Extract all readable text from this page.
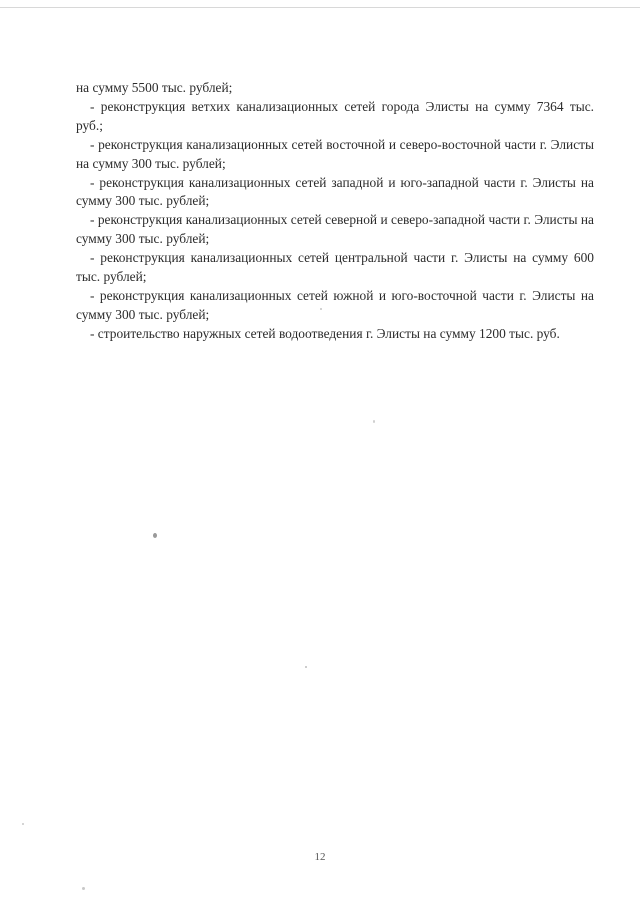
на сумму 5500 тыс. рублей;

- реконструкция ветхих канализационных сетей города Элисты на сумму 7364 тыс. руб.;

- реконструкция канализационных сетей восточной и северо-восточной части г. Элисты на сумму 300 тыс. рублей;

- реконструкция канализационных сетей западной и юго-западной части г. Элисты на сумму 300 тыс. рублей;

- реконструкция канализационных сетей северной и северо-западной части г. Элисты на сумму 300 тыс. рублей;

- реконструкция канализационных сетей центральной части г. Элисты на сумму 600 тыс. рублей;

- реконструкция канализационных сетей южной и юго-восточной части г. Элисты на сумму 300 тыс. рублей;

- строительство наружных сетей водоотведения г. Элисты на сумму 1200 тыс. руб.

12
